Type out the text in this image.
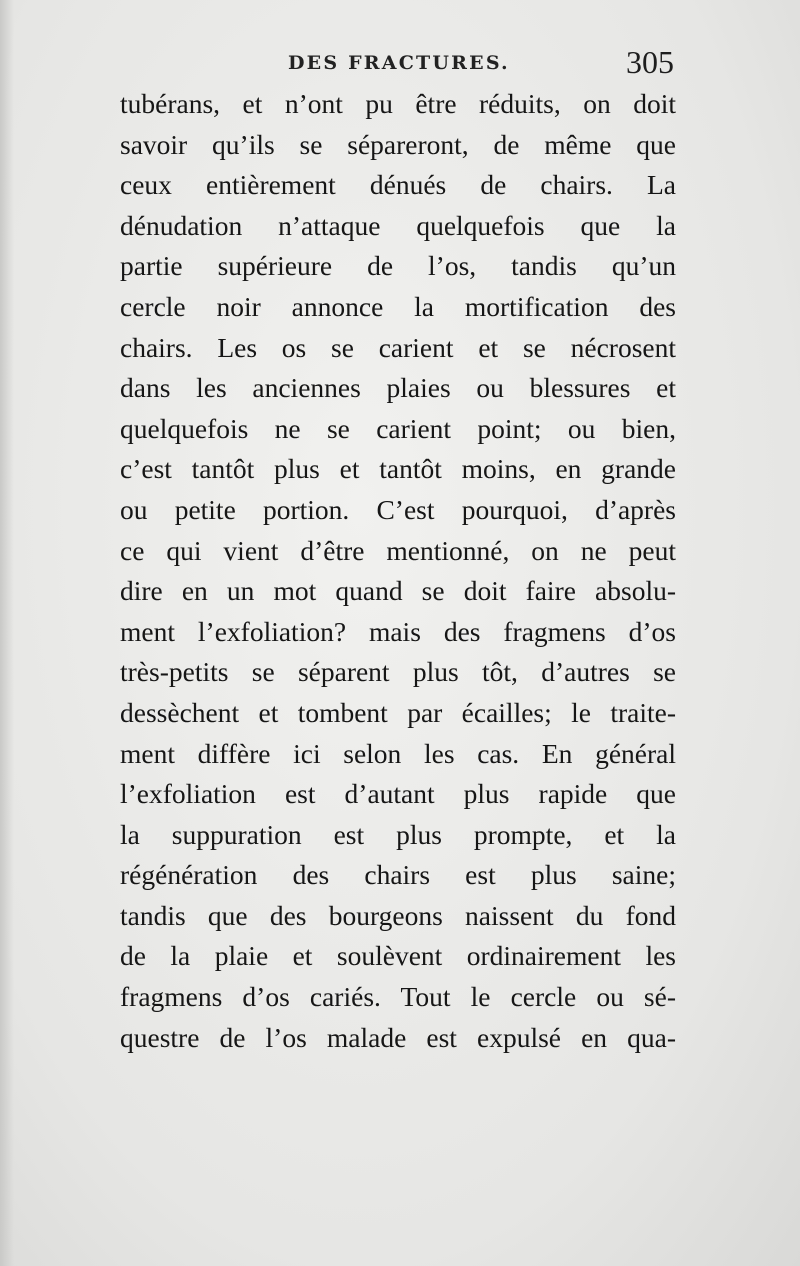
DES FRACTURES.	305
tubérans, et n’ont pu être réduits, on doit
savoir qu’ils se sépareront, de même que
ceux entièrement dénués de chairs. La
dénudation n’attaque quelquefois que la
partie supérieure de l’os, tandis qu’un
cercle noir annonce la mortification des
chairs. Les os se carient et se nécrosent
dans les anciennes plaies ou blessures et
quelquefois ne se carient point; ou bien,
c’est tantôt plus et tantôt moins, en grande
ou petite portion. C’est pourquoi, d’après
ce qui vient d’être mentionné, on ne peut
dire en un mot quand se doit faire absolu-
ment l’exfoliation? mais des fragmens d’os
très-petits se séparent plus tôt, d’autres se
dessèchent et tombent par écailles; le traite-
ment diffère ici selon les cas. En général
l’exfoliation est d’autant plus rapide que
la suppuration est plus prompte, et la
régénération des chairs est plus saine;
tandis que des bourgeons naissent du fond
de la plaie et soulèvent ordinairement les
fragmens d’os cariés. Tout le cercle ou sé-
questre de l’os malade est expulsé en qua-
